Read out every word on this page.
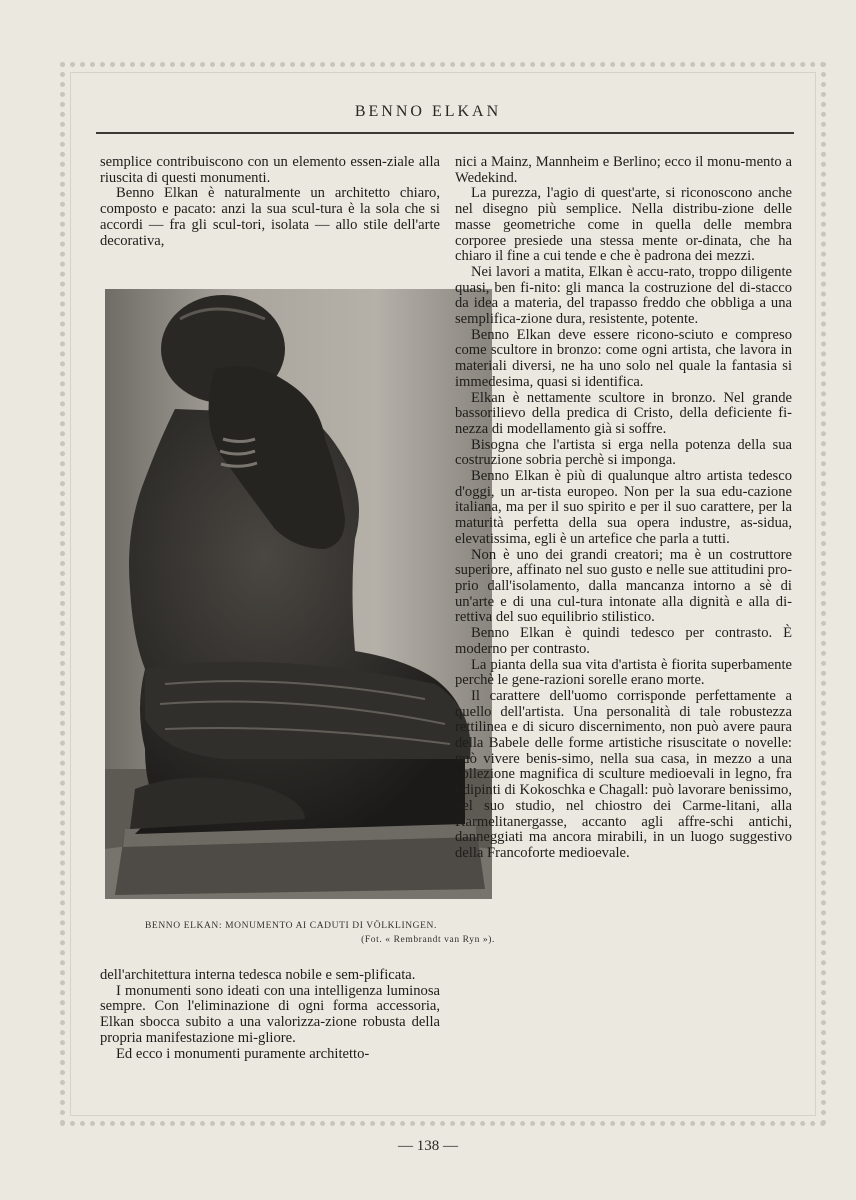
BENNO ELKAN

semplice contribuiscono con un elemento essen-ziale alla riuscita di questi monumenti.

Benno Elkan è naturalmente un architetto chiaro, composto e pacato: anzi la sua scul-tura è la sola che si accordi — fra gli scul-tori, isolata — allo stile dell'arte decorativa,

BENNO ELKAN: MONUMENTO AI CADUTI DI VÖLKLINGEN.
(Fot. « Rembrandt van Ryn »).

dell'architettura interna tedesca nobile e sem-plificata.

I monumenti sono ideati con una intelligenza luminosa sempre. Con l'eliminazione di ogni forma accessoria, Elkan sbocca subito a una valorizza-zione robusta della propria manifestazione mi-gliore.

Ed ecco i monumenti puramente architetto-

nici a Mainz, Mannheim e Berlino; ecco il monu-mento a Wedekind.

La purezza, l'agio di quest'arte, si riconoscono anche nel disegno più semplice. Nella distribu-zione delle masse geometriche come in quella delle membra corporee presiede una stessa mente or-dinata, che ha chiaro il fine a cui tende e che è padrona dei mezzi.

Nei lavori a matita, Elkan è accu-rato, troppo diligente quasi, ben fi-nito: gli manca la costruzione del di-stacco da idea a materia, del trapasso freddo che obbliga a una semplifica-zione dura, resistente, potente.

Benno Elkan deve essere ricono-sciuto e compreso come scultore in bronzo: come ogni artista, che lavora in materiali diversi, ne ha uno solo nel quale la fantasia si immedesima, quasi si identifica.

Elkan è nettamente scultore in bronzo. Nel grande bassorilievo della predica di Cristo, della deficiente fi-nezza di modellamento già si soffre.

Bisogna che l'artista si erga nella potenza della sua costruzione sobria perchè si imponga.

Benno Elkan è più di qualunque altro artista tedesco d'oggi, un ar-tista europeo. Non per la sua edu-cazione italiana, ma per il suo spirito e per il suo carattere, per la maturità perfetta della sua opera industre, as-sidua, elevatissima, egli è un artefice che parla a tutti.

Non è uno dei grandi creatori; ma è un costruttore superiore, affinato nel suo gusto e nelle sue attitudini pro-prio dall'isolamento, dalla mancanza intorno a sè di un'arte e di una cul-tura intonate alla dignità e alla di-rettiva del suo equilibrio stilistico.

Benno Elkan è quindi tedesco per contrasto. È moderno per contrasto.

La pianta della sua vita d'artista è fiorita superbamente perchè le gene-razioni sorelle erano morte.

Il carattere dell'uomo corrisponde perfettamente a quello dell'artista. Una personalità di tale robustezza rettilinea e di sicuro discernimento, non può avere paura della Babele delle forme artistiche risuscitate o novelle: può vivere benis-simo, nella sua casa, in mezzo a una collezione magnifica di sculture medioevali in legno, fra i dipinti di Kokoschka e Chagall: può lavorare benissimo, nel suo studio, nel chiostro dei Carme-litani, alla Karmelitanergasse, accanto agli affre-schi antichi, danneggiati ma ancora mirabili, in un luogo suggestivo della Francoforte medioevale.

— 138 —
